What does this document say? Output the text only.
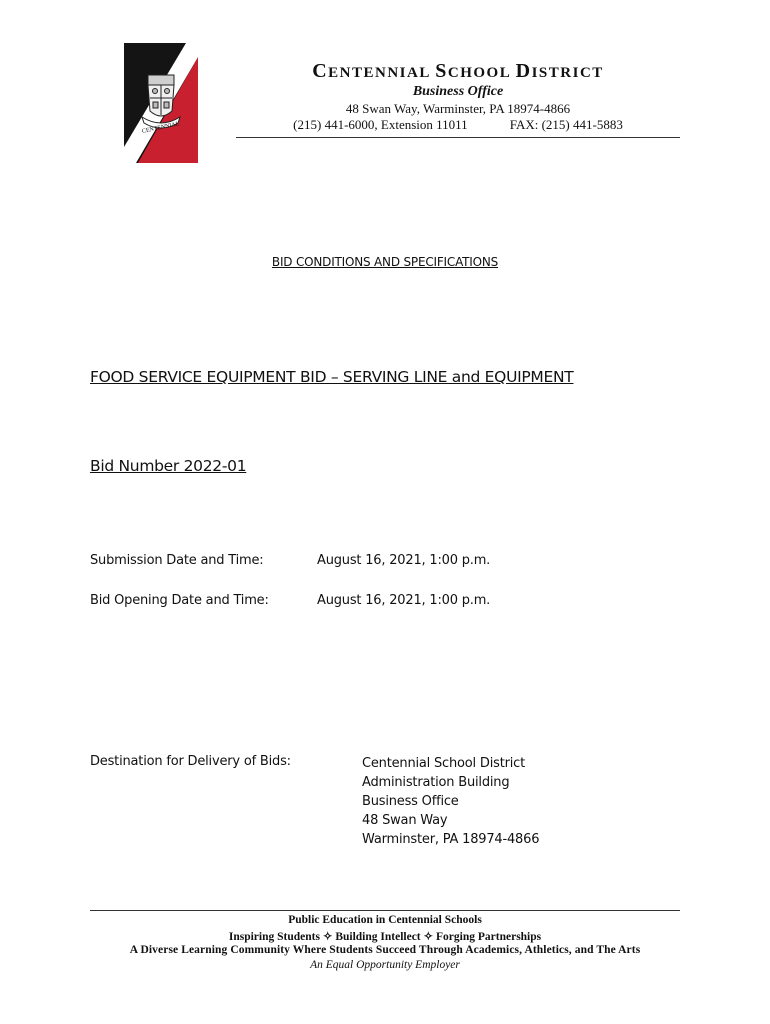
CENTENNIAL
CENTENNIAL SCHOOL DISTRICT
Business Office
48 Swan Way, Warminster, PA 18974-4866
(215) 441-6000, Extension 11011	FAX: (215) 441-5883
BID CONDITIONS AND SPECIFICATIONS
FOOD SERVICE EQUIPMENT BID – SERVING LINE and EQUIPMENT
Bid Number 2022-01
Submission Date and Time:	August 16, 2021, 1:00 p.m.
Bid Opening Date and Time:	August 16, 2021, 1:00 p.m.
Destination for Delivery of Bids:	Centennial School District
Administration Building
Business Office
48 Swan Way
Warminster, PA 18974-4866
Public Education in Centennial Schools
Inspiring Students ✧ Building Intellect ✧ Forging Partnerships
A Diverse Learning Community Where Students Succeed Through Academics, Athletics, and The Arts
An Equal Opportunity Employer
